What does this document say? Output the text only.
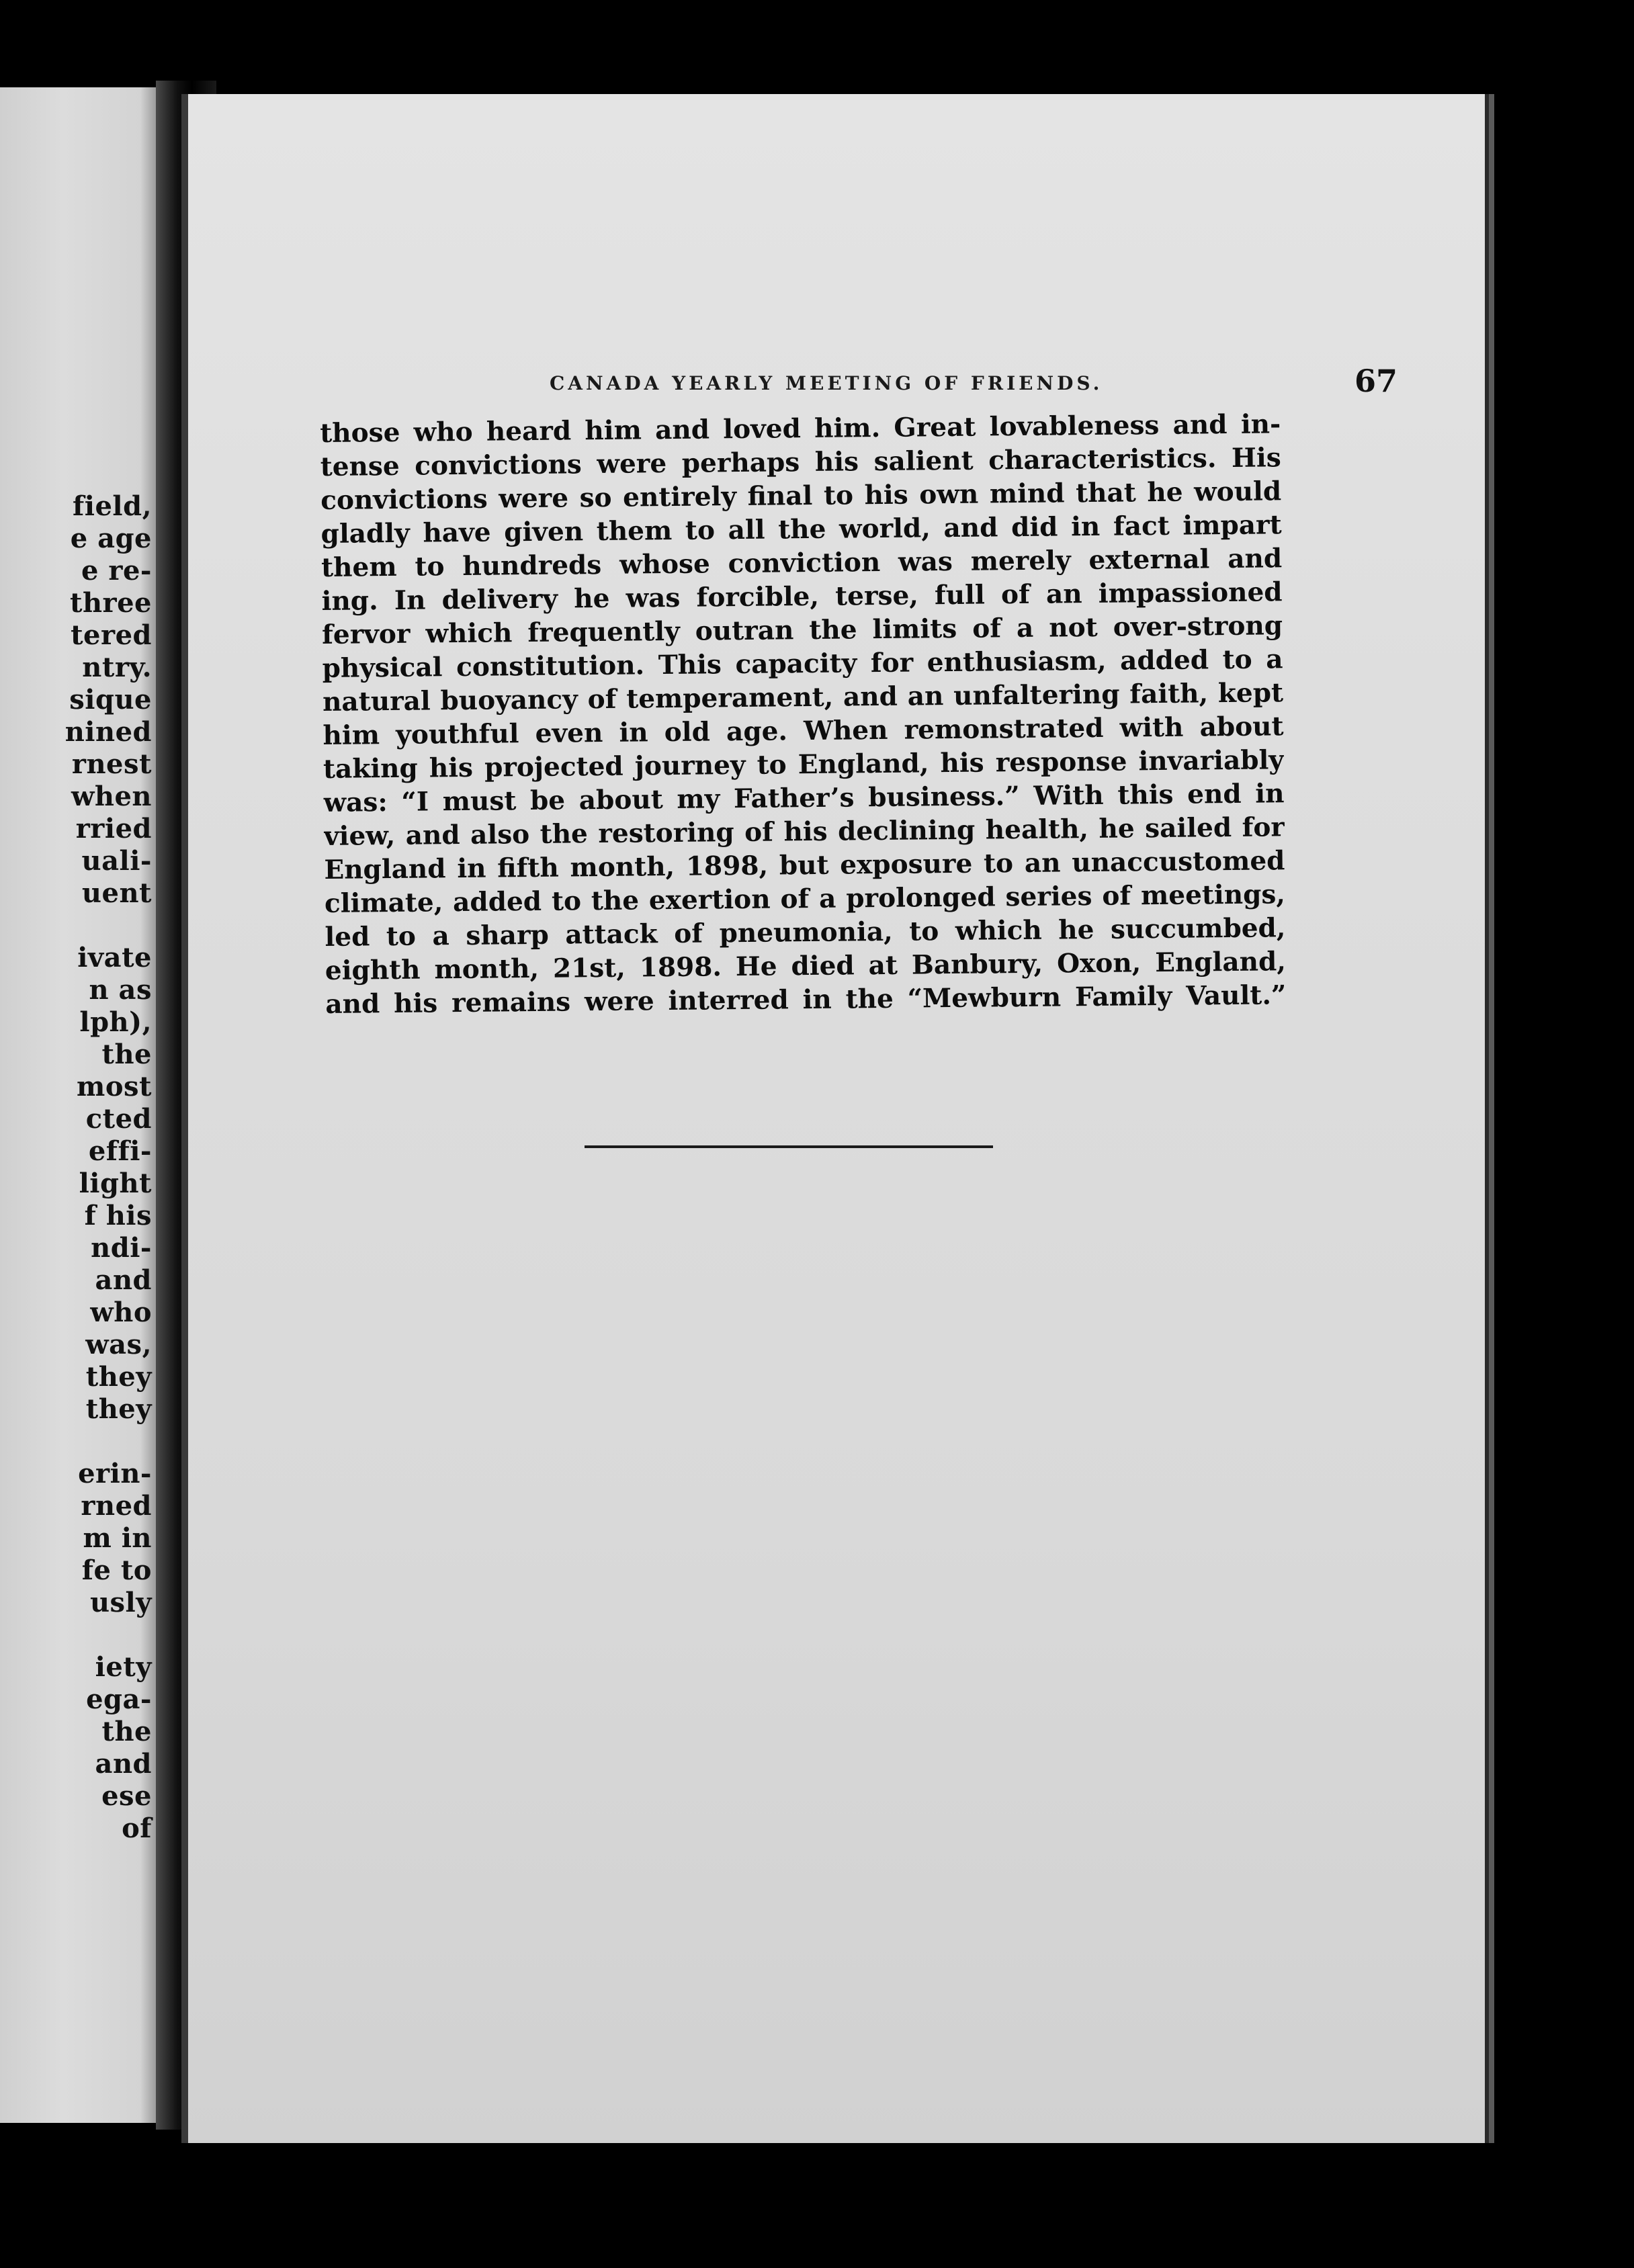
field,
e age
e re-
three
tered
ntry.
sique
nined
rnest
when
rried
uali-
uent
ivate
n as
lph),
the
most
cted
effi-
light
f his
ndi-
and
who
was,
they
they
erin-
rned
m in
fe to
usly
iety
ega-
the
and
ese
of
CANADA YEARLY MEETING OF FRIENDS.	67
those who heard him and loved him. Great lovableness and in-
tense convictions were perhaps his salient characteristics. His
convictions were so entirely final to his own mind that he would
gladly have given them to all the world, and did in fact impart
them to hundreds whose conviction was merely external and
ing. In delivery he was forcible, terse, full of an impassioned
fervor which frequently outran the limits of a not over-strong
physical constitution. This capacity for enthusiasm, added to a
natural buoyancy of temperament, and an unfaltering faith, kept
him youthful even in old age. When remonstrated with about
taking his projected journey to England, his response invariably
was: “I must be about my Father’s business.” With this end in
view, and also the restoring of his declining health, he sailed for
England in fifth month, 1898, but exposure to an unaccustomed
climate, added to the exertion of a prolonged series of meetings,
led to a sharp attack of pneumonia, to which he succumbed,
eighth month, 21st, 1898. He died at Banbury, Oxon, England,
and his remains were interred in the “Mewburn Family Vault.”
